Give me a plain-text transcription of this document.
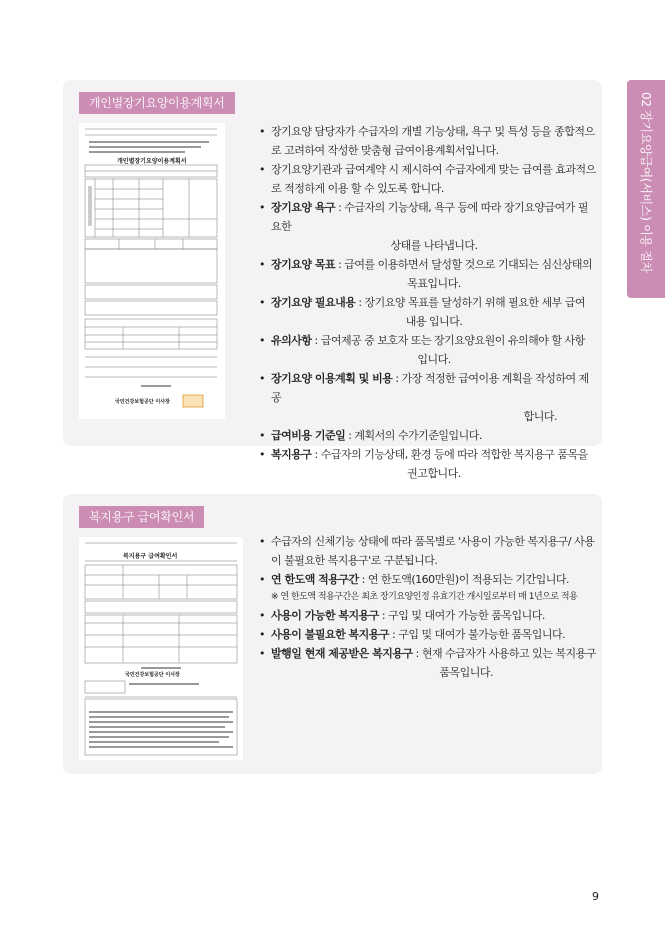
02 장기요양급여(서비스) 이용 절차
개인별장기요양이용계획서
개인별장기요양이용계획서
국민건강보험공단 이사장
• 장기요양 담당자가 수급자의 개별 기능상태, 욕구 및 특성 등을 종합적으로 고려하여 작성한 맞춤형 급여이용계획서입니다.
• 장기요양기관과 급여계약 시 제시하여 수급자에게 맞는 급여를 효과적으로 적정하게 이용 할 수 있도록 합니다.
• 장기요양 욕구 : 수급자의 기능상태, 욕구 등에 따라 장기요양급여가 필요한
상태를 나타냅니다.
• 장기요양 목표 : 급여를 이용하면서 달성할 것으로 기대되는 심신상태의
목표입니다.
• 장기요양 필요내용 : 장기요양 목표를 달성하기 위해 필요한 세부 급여
내용 입니다.
• 유의사항 : 급여제공 중 보호자 또는 장기요양요원이 유의해야 할 사항
입니다.
• 장기요양 이용계획 및 비용 : 가장 적정한 급여이용 계획을 작성하여 제공
합니다.
• 급여비용 기준일 : 계획서의 수가기준일입니다.
• 복지용구 : 수급자의 기능상태, 환경 등에 따라 적합한 복지용구 품목을
권고합니다.
복지용구 급여확인서
복지용구 급여확인서
국민건강보험공단 이사장
• 수급자의 신체기능 상태에 따라 품목별로 '사용이 가능한 복지용구/ 사용이 불필요한 복지용구'로 구분됩니다.
• 연 한도액 적용구간 : 연 한도액(160만원)이 적용되는 기간입니다.
※ 연 한도액 적용구간은 최초 장기요양인정 유효기간 개시일로부터 매 1년으로 적용
• 사용이 가능한 복지용구 : 구입 및 대여가 가능한 품목입니다.
• 사용이 불필요한 복지용구 : 구입 및 대여가 불가능한 품목입니다.
• 발행일 현재 제공받은 복지용구 : 현재 수급자가 사용하고 있는 복지용구
품목입니다.
9
